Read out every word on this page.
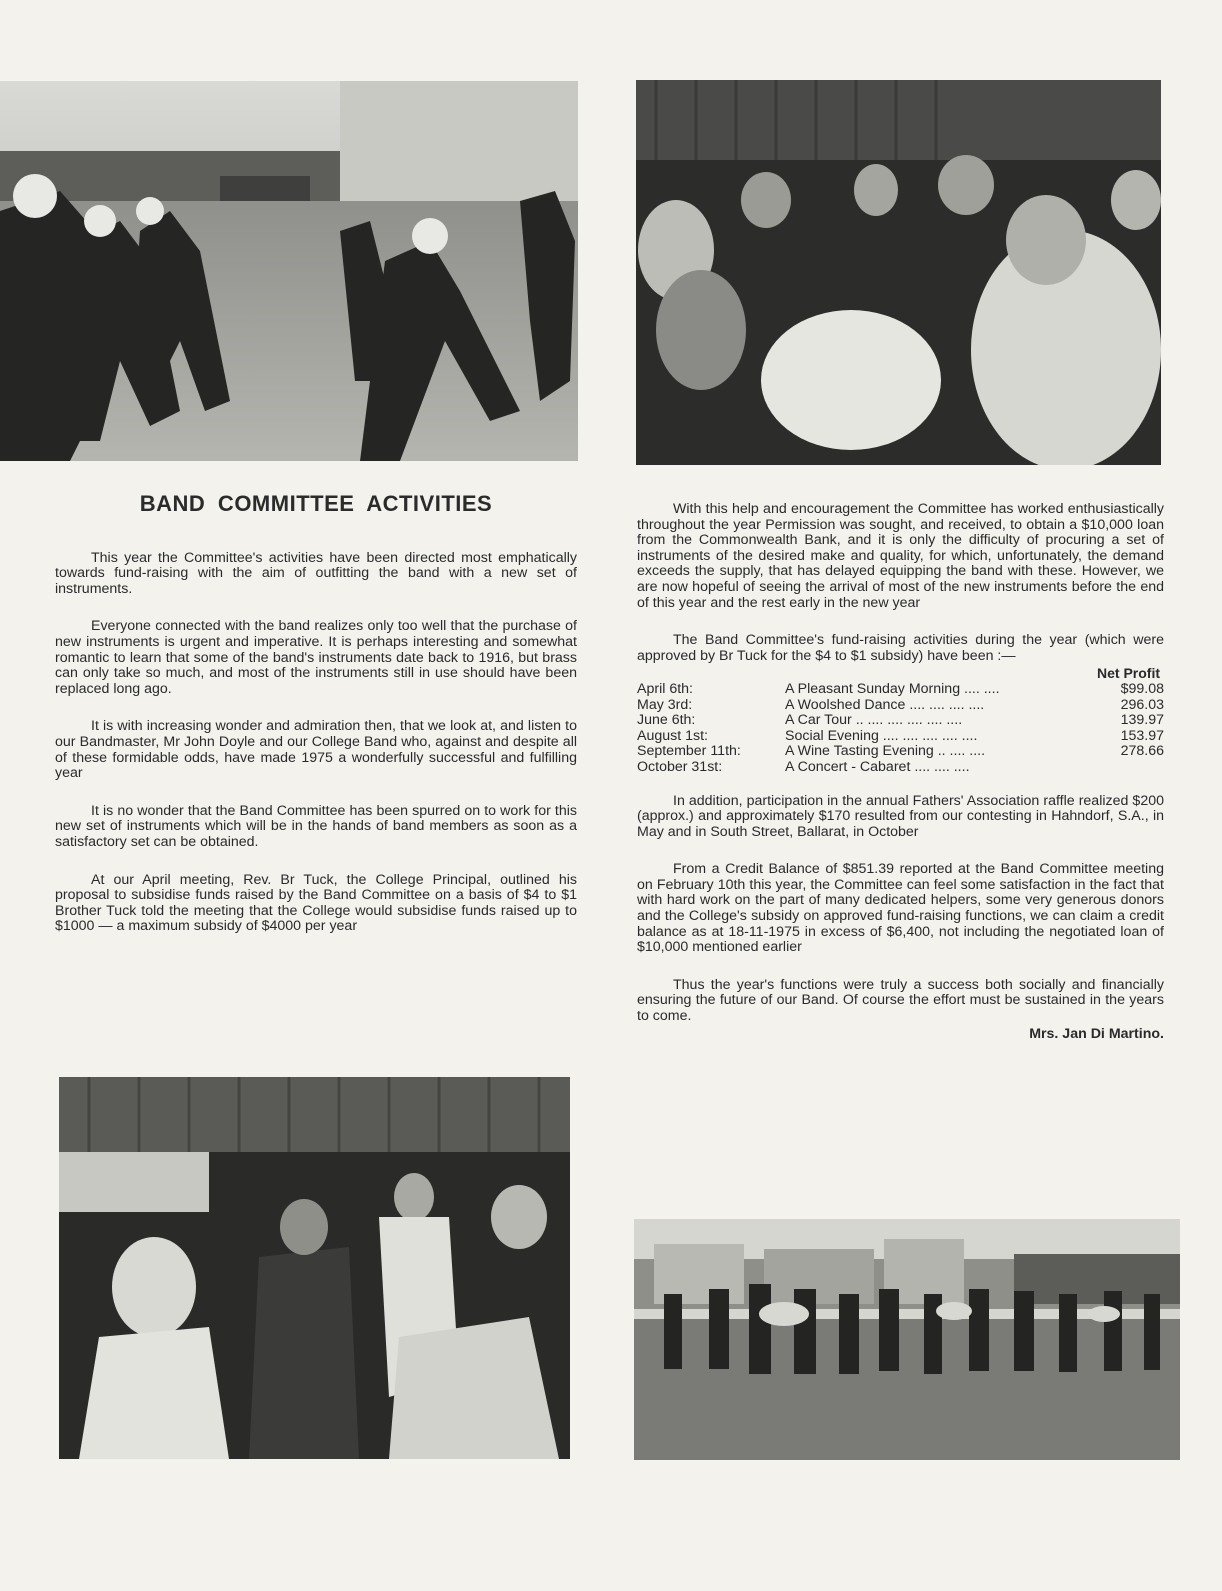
BAND COMMITTEE ACTIVITIES

This year the Committee's activities have been directed most emphatically towards fund-raising with the aim of outfitting the band with a new set of instruments.

Everyone connected with the band realizes only too well that the purchase of new instruments is urgent and imperative. It is perhaps interesting and somewhat romantic to learn that some of the band's instruments date back to 1916, but brass can only take so much, and most of the instruments still in use should have been replaced long ago.

It is with increasing wonder and admiration then, that we look at, and listen to our Bandmaster, Mr John Doyle and our College Band who, against and despite all of these formidable odds, have made 1975 a wonderfully successful and fulfilling year

It is no wonder that the Band Committee has been spurred on to work for this new set of instruments which will be in the hands of band members as soon as a satisfactory set can be obtained.

At our April meeting, Rev. Br Tuck, the College Principal, outlined his proposal to subsidise funds raised by the Band Committee on a basis of $4 to $1 Brother Tuck told the meeting that the College would subsidise funds raised up to $1000 — a maximum subsidy of $4000 per year

With this help and encouragement the Committee has worked enthusiastically throughout the year Permission was sought, and received, to obtain a $10,000 loan from the Commonwealth Bank, and it is only the difficulty of procuring a set of instruments of the desired make and quality, for which, unfortunately, the demand exceeds the supply, that has delayed equipping the band with these. However, we are now hopeful of seeing the arrival of most of the new instruments before the end of this year and the rest early in the new year

The Band Committee's fund-raising activities during the year (which were approved by Br Tuck for the $4 to $1 subsidy) have been :—

Net Profit
April 6th:	A Pleasant Sunday Morning .... ....	$99.08
May 3rd:	A Woolshed Dance .... .... .... ....	296.03
June 6th:	A Car Tour .. .... .... .... .... ....	139.97
August 1st:	Social Evening .... .... .... .... ....	153.97
September 11th:	A Wine Tasting Evening .. .... ....	278.66
October 31st:	A Concert - Cabaret .... .... ....	

In addition, participation in the annual Fathers' Association raffle realized $200 (approx.) and approximately $170 resulted from our contesting in Hahndorf, S.A., in May and in South Street, Ballarat, in October

From a Credit Balance of $851.39 reported at the Band Committee meeting on February 10th this year, the Committee can feel some satisfaction in the fact that with hard work on the part of many dedicated helpers, some very generous donors and the College's subsidy on approved fund-raising functions, we can claim a credit balance as at 18-11-1975 in excess of $6,400, not including the negotiated loan of $10,000 mentioned earlier

Thus the year's functions were truly a success both socially and financially ensuring the future of our Band. Of course the effort must be sustained in the years to come.

Mrs. Jan Di Martino.
